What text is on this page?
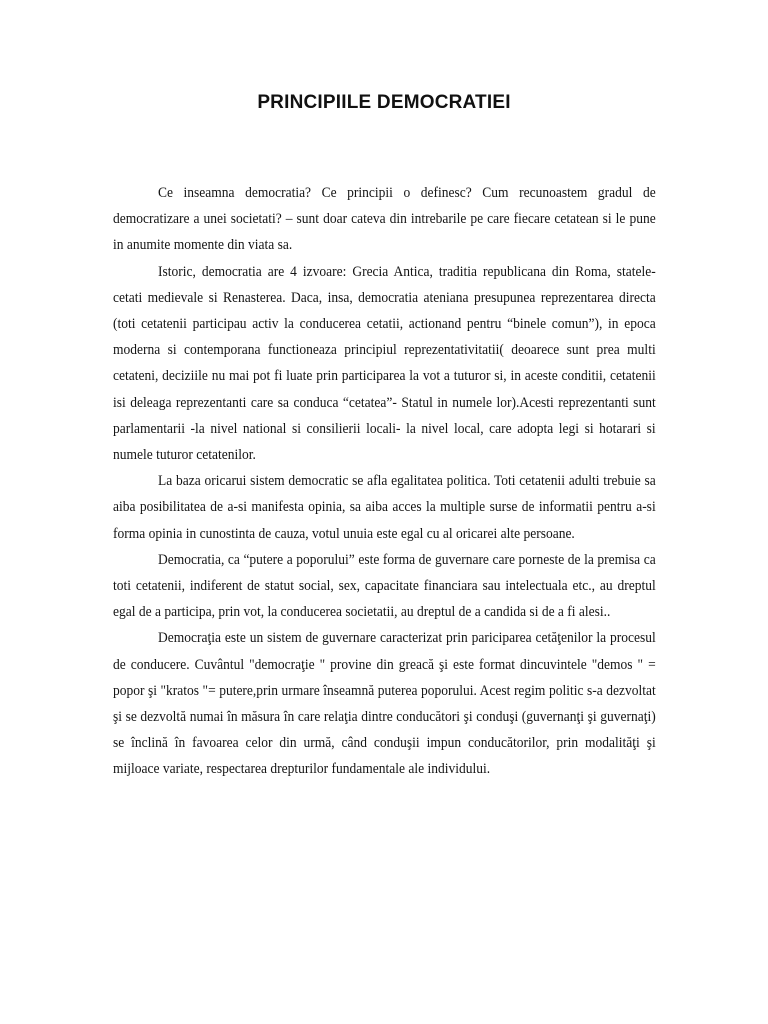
PRINCIPIILE DEMOCRATIEI

Ce inseamna democratia? Ce principii o definesc? Cum recunoastem gradul de democratizare a unei societati? – sunt doar cateva din intrebarile pe care fiecare cetatean si le pune in anumite momente din viata sa.

Istoric, democratia are 4 izvoare: Grecia Antica, traditia republicana din Roma, statele-cetati medievale si Renasterea. Daca, insa, democratia ateniana presupunea reprezentarea directa (toti cetatenii participau activ la conducerea cetatii, actionand pentru “binele comun”), in epoca moderna si contemporana functioneaza principiul reprezentativitatii( deoarece sunt prea multi cetateni, deciziile nu mai pot fi luate prin participarea la vot a tuturor si, in aceste conditii, cetatenii isi deleaga reprezentanti care sa conduca “cetatea”- Statul in numele lor).Acesti reprezentanti sunt parlamentarii -la nivel national si consilierii locali- la nivel local, care adopta legi si hotarari si numele tuturor cetatenilor.

La baza oricarui sistem democratic se afla egalitatea politica. Toti cetatenii adulti trebuie sa aiba posibilitatea de a-si manifesta opinia, sa aiba acces la multiple surse de informatii pentru a-si forma opinia in cunostinta de cauza, votul unuia este egal cu al oricarei alte persoane.

Democratia, ca “putere a poporului” este forma de guvernare care porneste de la premisa ca toti cetatenii, indiferent de statut social, sex, capacitate financiara sau intelectuala etc., au dreptul egal de a participa, prin vot, la conducerea societatii, au dreptul de a candida si de a fi alesi..

Democraţia este un sistem de guvernare caracterizat prin pariciparea cetăţenilor la procesul de conducere. Cuvântul "democraţie " provine din greacă şi este format dincuvintele "demos " = popor şi "kratos "= putere,prin urmare înseamnă puterea poporului. Acest regim politic s-a dezvoltat şi se dezvoltă numai în măsura în care relaţia dintre conducători şi conduşi (guvernanţi şi guvernaţi) se înclină în favoarea celor din urmă, când conduşii impun conducătorilor, prin modalităţi şi mijloace variate, respectarea drepturilor fundamentale ale individului.
